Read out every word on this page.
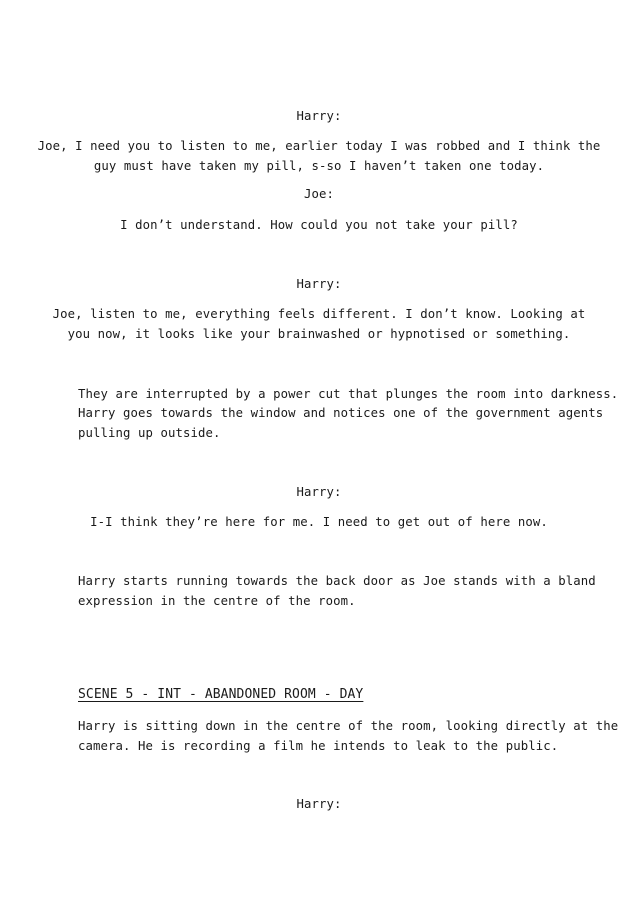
Harry:
Joe, I need you to listen to me, earlier today I was robbed and I think the
guy must have taken my pill, s-so I haven’t taken one today.
Joe:
I don’t understand. How could you not take your pill?
Harry:
Joe, listen to me, everything feels different. I don’t know. Looking at
you now, it looks like your brainwashed or hypnotised or something.
They are interrupted by a power cut that plunges the room into darkness.
Harry goes towards the window and notices one of the government agents
pulling up outside.
Harry:
I-I think they’re here for me. I need to get out of here now.
Harry starts running towards the back door as Joe stands with a bland
expression in the centre of the room.
SCENE 5 - INT - ABANDONED ROOM - DAY
Harry is sitting down in the centre of the room, looking directly at the
camera. He is recording a film he intends to leak to the public.
Harry:
